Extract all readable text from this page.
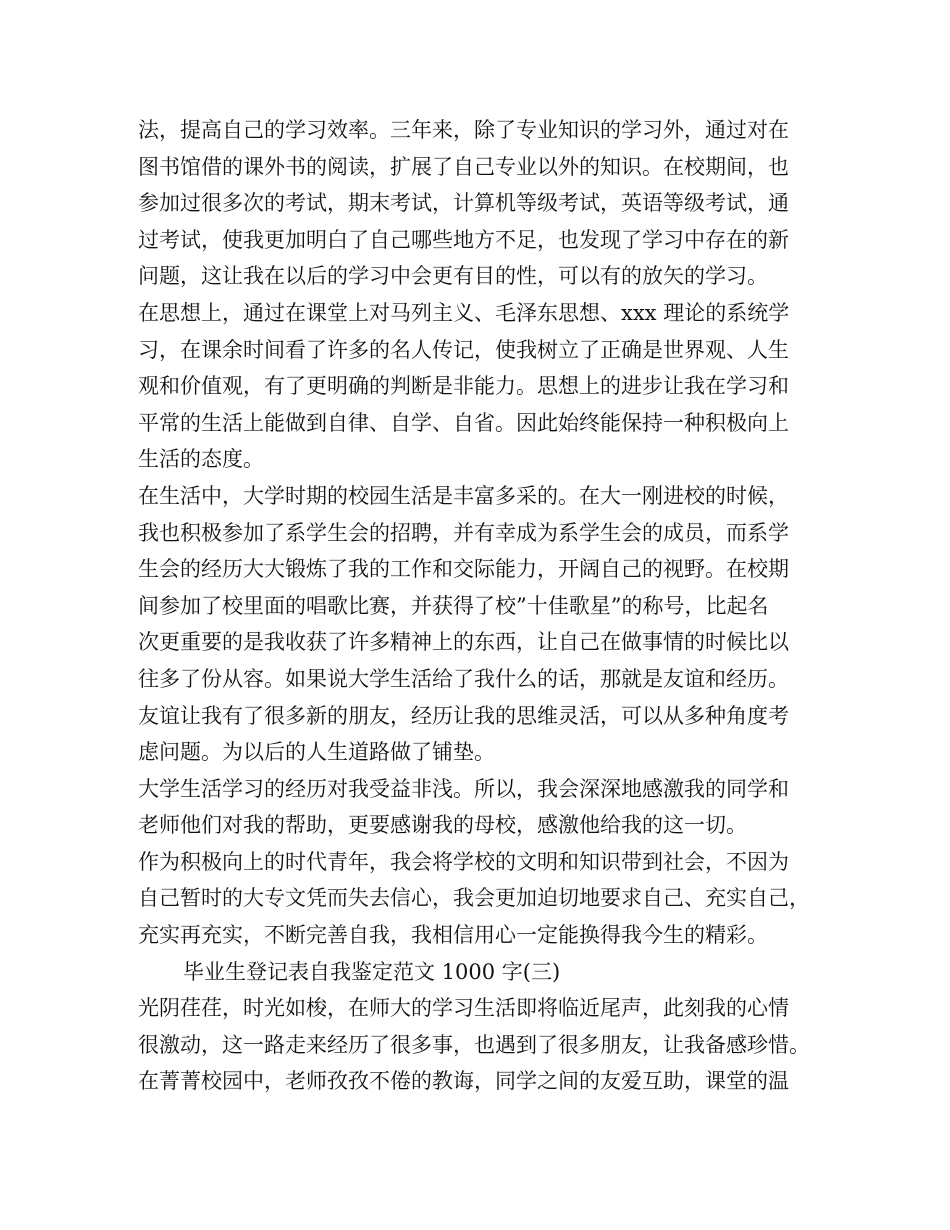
法，提高自己的学习效率。三年来，除了专业知识的学习外，通过对在
图书馆借的课外书的阅读，扩展了自己专业以外的知识。在校期间，也
参加过很多次的考试，期末考试，计算机等级考试，英语等级考试，通
过考试，使我更加明白了自己哪些地方不足，也发现了学习中存在的新
问题，这让我在以后的学习中会更有目的性，可以有的放矢的学习。
在思想上，通过在课堂上对马列主义、毛泽东思想、xxx 理论的系统学
习，在课余时间看了许多的名人传记，使我树立了正确是世界观、人生
观和价值观，有了更明确的判断是非能力。思想上的进步让我在学习和
平常的生活上能做到自律、自学、自省。因此始终能保持一种积极向上
生活的态度。
在生活中，大学时期的校园生活是丰富多采的。在大一刚进校的时候，
我也积极参加了系学生会的招聘，并有幸成为系学生会的成员，而系学
生会的经历大大锻炼了我的工作和交际能力，开阔自己的视野。在校期
间参加了校里面的唱歌比赛，并获得了校”十佳歌星”的称号，比起名
次更重要的是我收获了许多精神上的东西，让自己在做事情的时候比以
往多了份从容。如果说大学生活给了我什么的话，那就是友谊和经历。
友谊让我有了很多新的朋友，经历让我的思维灵活，可以从多种角度考
虑问题。为以后的人生道路做了铺垫。
大学生活学习的经历对我受益非浅。所以，我会深深地感激我的同学和
老师他们对我的帮助，更要感谢我的母校，感激他给我的这一切。
作为积极向上的时代青年，我会将学校的文明和知识带到社会，不因为
自己暂时的大专文凭而失去信心，我会更加迫切地要求自己、充实自己，
充实再充实，不断完善自我，我相信用心一定能换得我今生的精彩。
毕业生登记表自我鉴定范文 1000 字(三)
光阴荏荏，时光如梭，在师大的学习生活即将临近尾声，此刻我的心情
很激动，这一路走来经历了很多事，也遇到了很多朋友，让我备感珍惜。
在菁菁校园中，老师孜孜不倦的教诲，同学之间的友爱互助，课堂的温
